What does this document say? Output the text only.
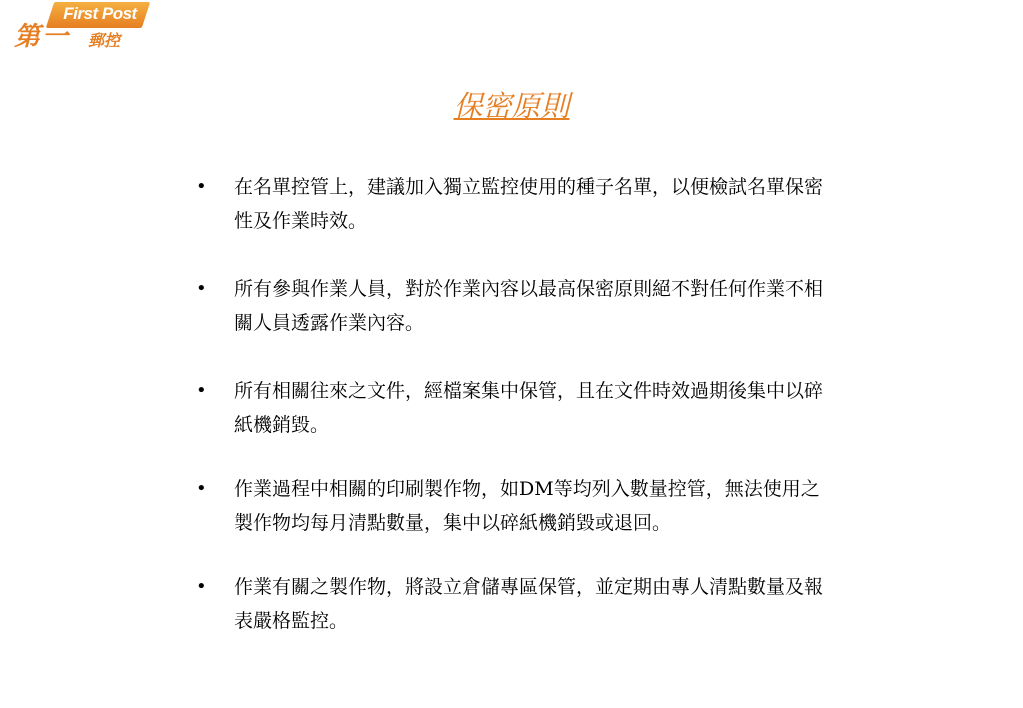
First Post
第一 郵控
保密原則
• 在名單控管上，建議加入獨立監控使用的種子名單，以便檢試名單保密性及作業時效。
• 所有參與作業人員，對於作業內容以最高保密原則絕不對任何作業不相關人員透露作業內容。
• 所有相關往來之文件，經檔案集中保管，且在文件時效過期後集中以碎紙機銷毀。
• 作業過程中相關的印刷製作物，如DM等均列入數量控管，無法使用之製作物均每月清點數量，集中以碎紙機銷毀或退回。
• 作業有關之製作物，將設立倉儲專區保管，並定期由專人清點數量及報表嚴格監控。
